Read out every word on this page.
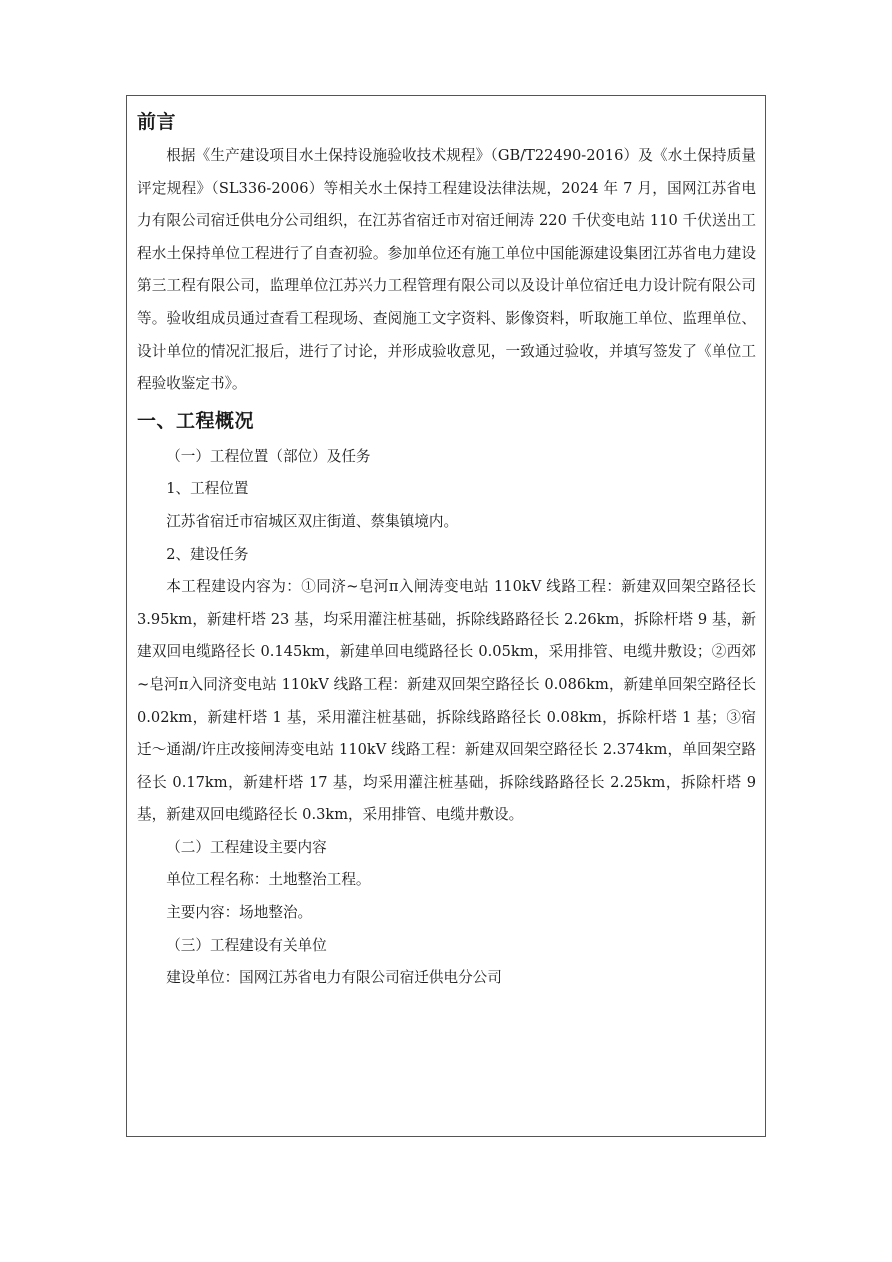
前言

根据《生产建设项目水土保持设施验收技术规程》（GB/T22490-2016）及《水土保持质量评定规程》（SL336-2006）等相关水土保持工程建设法律法规，2024 年 7 月，国网江苏省电力有限公司宿迁供电分公司组织，在江苏省宿迁市对宿迁闸涛 220 千伏变电站 110 千伏送出工程水土保持单位工程进行了自查初验。参加单位还有施工单位中国能源建设集团江苏省电力建设第三工程有限公司，监理单位江苏兴力工程管理有限公司以及设计单位宿迁电力设计院有限公司等。验收组成员通过查看工程现场、查阅施工文字资料、影像资料，听取施工单位、监理单位、设计单位的情况汇报后，进行了讨论，并形成验收意见，一致通过验收，并填写签发了《单位工程验收鉴定书》。

一、工程概况

（一）工程位置（部位）及任务

1、工程位置

江苏省宿迁市宿城区双庄街道、蔡集镇境内。

2、建设任务

本工程建设内容为：①同济~皂河π入闸涛变电站 110kV 线路工程：新建双回架空路径长 3.95km，新建杆塔 23 基，均采用灌注桩基础，拆除线路路径长 2.26km，拆除杆塔 9 基，新建双回电缆路径长 0.145km，新建单回电缆路径长 0.05km，采用排管、电缆井敷设；②西郊~皂河π入同济变电站 110kV 线路工程：新建双回架空路径长 0.086km，新建单回架空路径长 0.02km，新建杆塔 1 基，采用灌注桩基础，拆除线路路径长 0.08km，拆除杆塔 1 基；③宿迁～通湖/许庄改接闸涛变电站 110kV 线路工程：新建双回架空路径长 2.374km，单回架空路径长 0.17km，新建杆塔 17 基，均采用灌注桩基础，拆除线路路径长 2.25km，拆除杆塔 9 基，新建双回电缆路径长 0.3km，采用排管、电缆井敷设。

（二）工程建设主要内容

单位工程名称：土地整治工程。

主要内容：场地整治。

（三）工程建设有关单位

建设单位：国网江苏省电力有限公司宿迁供电分公司
